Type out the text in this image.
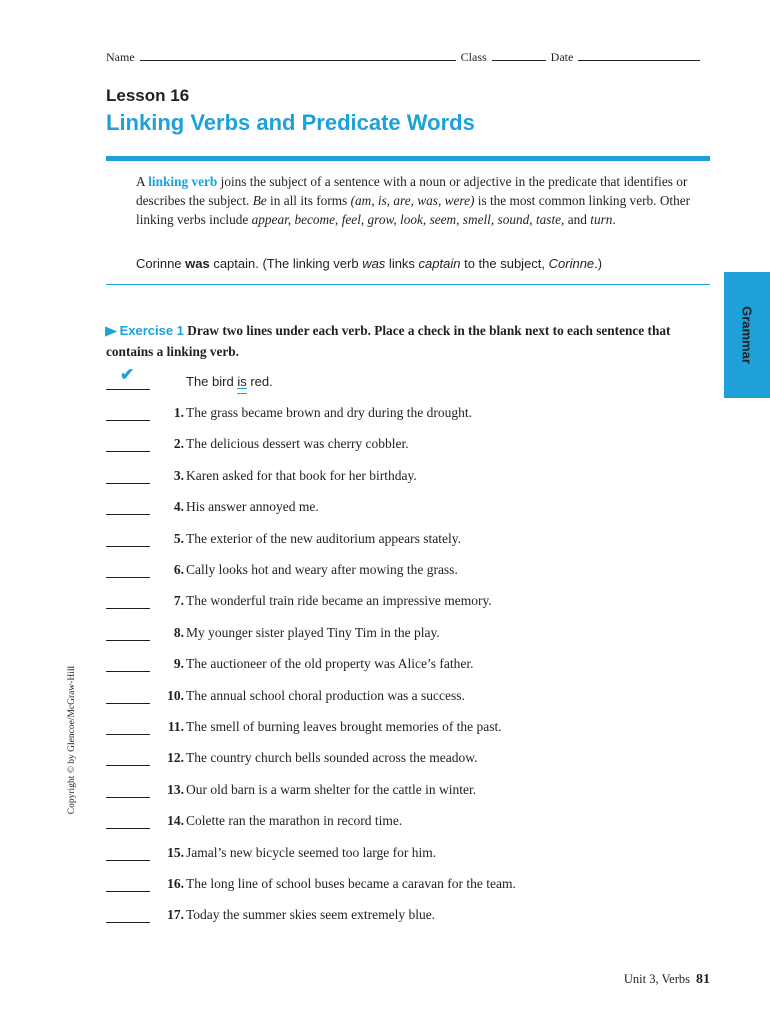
Name	Class	Date
Lesson 16
Linking Verbs and Predicate Words
A linking verb joins the subject of a sentence with a noun or adjective in the predicate that identifies or describes the subject. Be in all its forms (am, is, are, was, were) is the most common linking verb. Other linking verbs include appear, become, feel, grow, look, seem, smell, sound, taste, and turn.
Corinne was captain. (The linking verb was links captain to the subject, Corinne.)
Grammar
▶ Exercise 1 Draw two lines under each verb. Place a check in the blank next to each sentence that contains a linking verb.
✔	The bird is red.
1. The grass became brown and dry during the drought.
2. The delicious dessert was cherry cobbler.
3. Karen asked for that book for her birthday.
4. His answer annoyed me.
5. The exterior of the new auditorium appears stately.
6. Cally looks hot and weary after mowing the grass.
7. The wonderful train ride became an impressive memory.
8. My younger sister played Tiny Tim in the play.
9. The auctioneer of the old property was Alice’s father.
10. The annual school choral production was a success.
11. The smell of burning leaves brought memories of the past.
12. The country church bells sounded across the meadow.
13. Our old barn is a warm shelter for the cattle in winter.
14. Colette ran the marathon in record time.
15. Jamal’s new bicycle seemed too large for him.
16. The long line of school buses became a caravan for the team.
17. Today the summer skies seem extremely blue.
Copyright © by Glencoe/McGraw-Hill
Unit 3, Verbs 81
